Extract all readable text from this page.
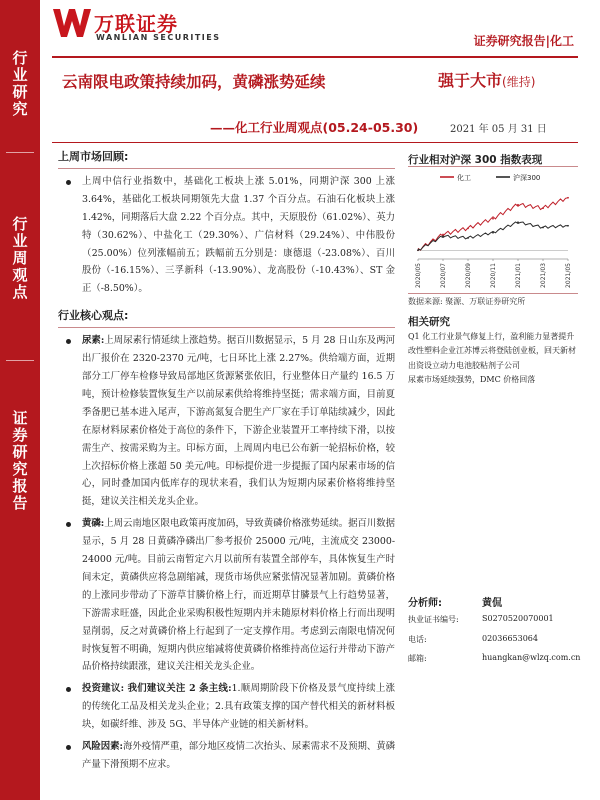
行
业
研
究
行
业
周
观
点
证
券
研
究
报
告
万联证券
WANLIAN SECURITIES	证券研究报告|化工
云南限电政策持续加码，黄磷涨势延续
——化工行业周观点(05.24-05.30)
强于大市(维持)
2021 年 05 月 31 日
上周市场回顾:
上周中信行业指数中，基础化工板块上涨 5.01%，同期沪深 300 上涨 3.64%，基础化工板块同期领先大盘 1.37 个百分点。石油石化板块上涨 1.42%，同期落后大盘 2.22 个百分点。其中，天原股份（61.02%）、英力特（30.62%）、中盐化工（29.30%）、广信材料（29.24%）、中伟股份（25.00%）位列涨幅前五；跌幅前五分别是：康德退（-23.08%）、百川股份（-16.15%）、三孚新科（-13.90%）、龙高股份（-10.43%）、ST 金正（-8.50%）。
行业核心观点:
尿素:上周尿素行情延续上涨趋势。据百川数据显示，5 月 28 日山东及两河出厂报价在 2320-2370 元/吨，七日环比上涨 2.27%。供给端方面，近期部分工厂停车检修导致局部地区货源紧张依旧，行业整体日产量约 16.5 万吨，预计检修装置恢复生产以前尿素供给将维持坚挺；需求端方面，目前夏季备肥已基本进入尾声，下游高氮复合肥生产厂家在手订单陆续减少，因此在原材料尿素价格处于高位的条件下，下游企业装置开工率持续下滑，以按需生产、按需采购为主。印标方面，上周周内电已公布新一轮招标价格，较上次招标价格上涨超 50 美元/吨。印标提价进一步提振了国内尿素市场的信心，同时叠加国内低库存的现状来看，我们认为短期内尿素价格将维持坚挺，建议关注相关龙头企业。
黄磷:上周云南地区限电政策再度加码，导致黄磷价格涨势延续。据百川数据显示，5 月 28 日黄磷净磷出厂参考报价 25000 元/吨，主流成交 23000-24000 元/吨。目前云南暂定六月以前所有装置全部停车，具体恢复生产时间未定，黄磷供应将急剧缩减，现货市场供应紧张情况显著加剧。黄磷价格的上涨同步带动了下游草甘膦价格上行，而近期草甘膦景气上行趋势显著，下游需求旺盛，因此企业采购积极性短期内并未随原材料价格上行而出现明显削弱，反之对黄磷价格上行起到了一定支撑作用。考虑到云南限电情况何时恢复暂不明确，短期内供应缩减将使黄磷价格维持高位运行并带动下游产品价格持续跟涨，建议关注相关龙头企业。
投资建议: 我们建议关注 2 条主线:1.顺周期阶段下价格及景气度持续上涨的传统化工品及相关龙头企业；2.具有政策支撑的国产替代相关的新材料板块，如碳纤维、涉及 5G、半导体产业链的相关新材料。
风险因素:海外疫情严重，部分地区疫情二次抬头、尿素需求不及预期、黄磷产量下滑预期不应求。
行业相对沪深 300 指数表现
化工	沪深300
2020/05	2020/07	2020/09	2020/11	2021/01	2021/03	2021/05
数据来源: 聚源、万联证券研究所
相关研究
Q1 化工行业景气修复上行，盈利能力显著提升
改性塑料企业江苏博云将登陆创业板，回天新材出资设立动力电池胶粘剂子公司
尿素市场延续强势，DMC 价格回落
分析师:	黄侃
执业证书编号:	S0270520070001
电话:	02036653064
邮箱:	huangkan@wlzq.com.cn
